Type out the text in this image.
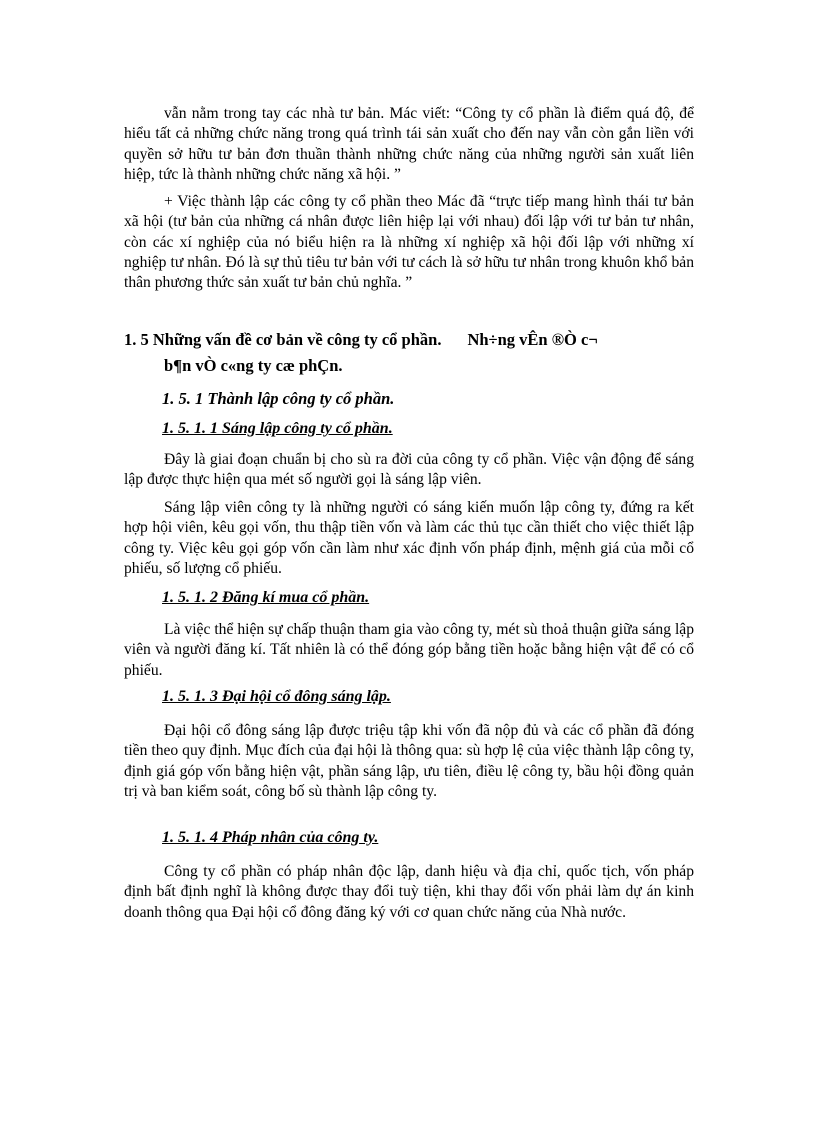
vẫn nằm trong tay các nhà tư bản. Mác viết: “Công ty cổ phần là điểm quá độ, để hiểu tất cả những chức năng trong quá trình tái sản xuất cho đến nay vẫn còn gắn liền với quyền sở hữu tư bản đơn thuần thành những chức năng của những người sản xuất liên hiệp, tức là thành những chức năng xã hội. ”

+ Việc thành lập các công ty cổ phần theo Mác đã “trực tiếp mang hình thái tư bản xã hội (tư bản của những cá nhân được liên hiệp lại với nhau) đối lập với tư bản tư nhân, còn các xí nghiệp của nó biểu hiện ra là những xí nghiệp xã hội đối lập với những xí nghiệp tư nhân. Đó là sự thủ tiêu tư bản với tư cách là sở hữu tư nhân trong khuôn khổ bản thân phương thức sản xuất tư bản chủ nghĩa. ”

1. 5 Những vấn đề cơ bản về công ty cổ phần. Nh÷ng vÊn ®Ò c¬
b¶n vÒ c«ng ty cæ phÇn.
1. 5. 1 Thành lập công ty cổ phần.
1. 5. 1. 1 Sáng lập công ty cổ phần.

Đây là giai đoạn chuẩn bị cho sù ra đời của công ty cổ phần. Việc vận động để sáng lập được thực hiện qua mét số người gọi là sáng lập viên.

Sáng lập viên công ty là những người có sáng kiến muốn lập công ty, đứng ra kết hợp hội viên, kêu gọi vốn, thu thập tiền vốn và làm các thủ tục cần thiết cho việc thiết lập công ty. Việc kêu gọi góp vốn cần làm như xác định vốn pháp định, mệnh giá của mỗi cổ phiếu, số lượng cổ phiếu.

1. 5. 1. 2 Đăng kí mua cổ phần.

Là việc thể hiện sự chấp thuận tham gia vào công ty, mét sù thoả thuận giữa sáng lập viên và người đăng kí. Tất nhiên là có thể đóng góp bằng tiền hoặc bằng hiện vật để có cổ phiếu.

1. 5. 1. 3 Đại hội cổ đông sáng lập.

Đại hội cổ đông sáng lập được triệu tập khi vốn đã nộp đủ và các cổ phần đã đóng tiền theo quy định. Mục đích của đại hội là thông qua: sù hợp lệ của việc thành lập công ty, định giá góp vốn bằng hiện vật, phần sáng lập, ưu tiên, điều lệ công ty, bầu hội đồng quản trị và ban kiểm soát, công bố sù thành lập công ty.

1. 5. 1. 4 Pháp nhân của công ty.

Công ty cổ phần có pháp nhân độc lập, danh hiệu và địa chỉ, quốc tịch, vốn pháp định bất định nghĩ là không được thay đổi tuỳ tiện, khi thay đổi vốn phải làm dự án kinh doanh thông qua Đại hội cổ đông đăng ký với cơ quan chức năng của Nhà nước.
